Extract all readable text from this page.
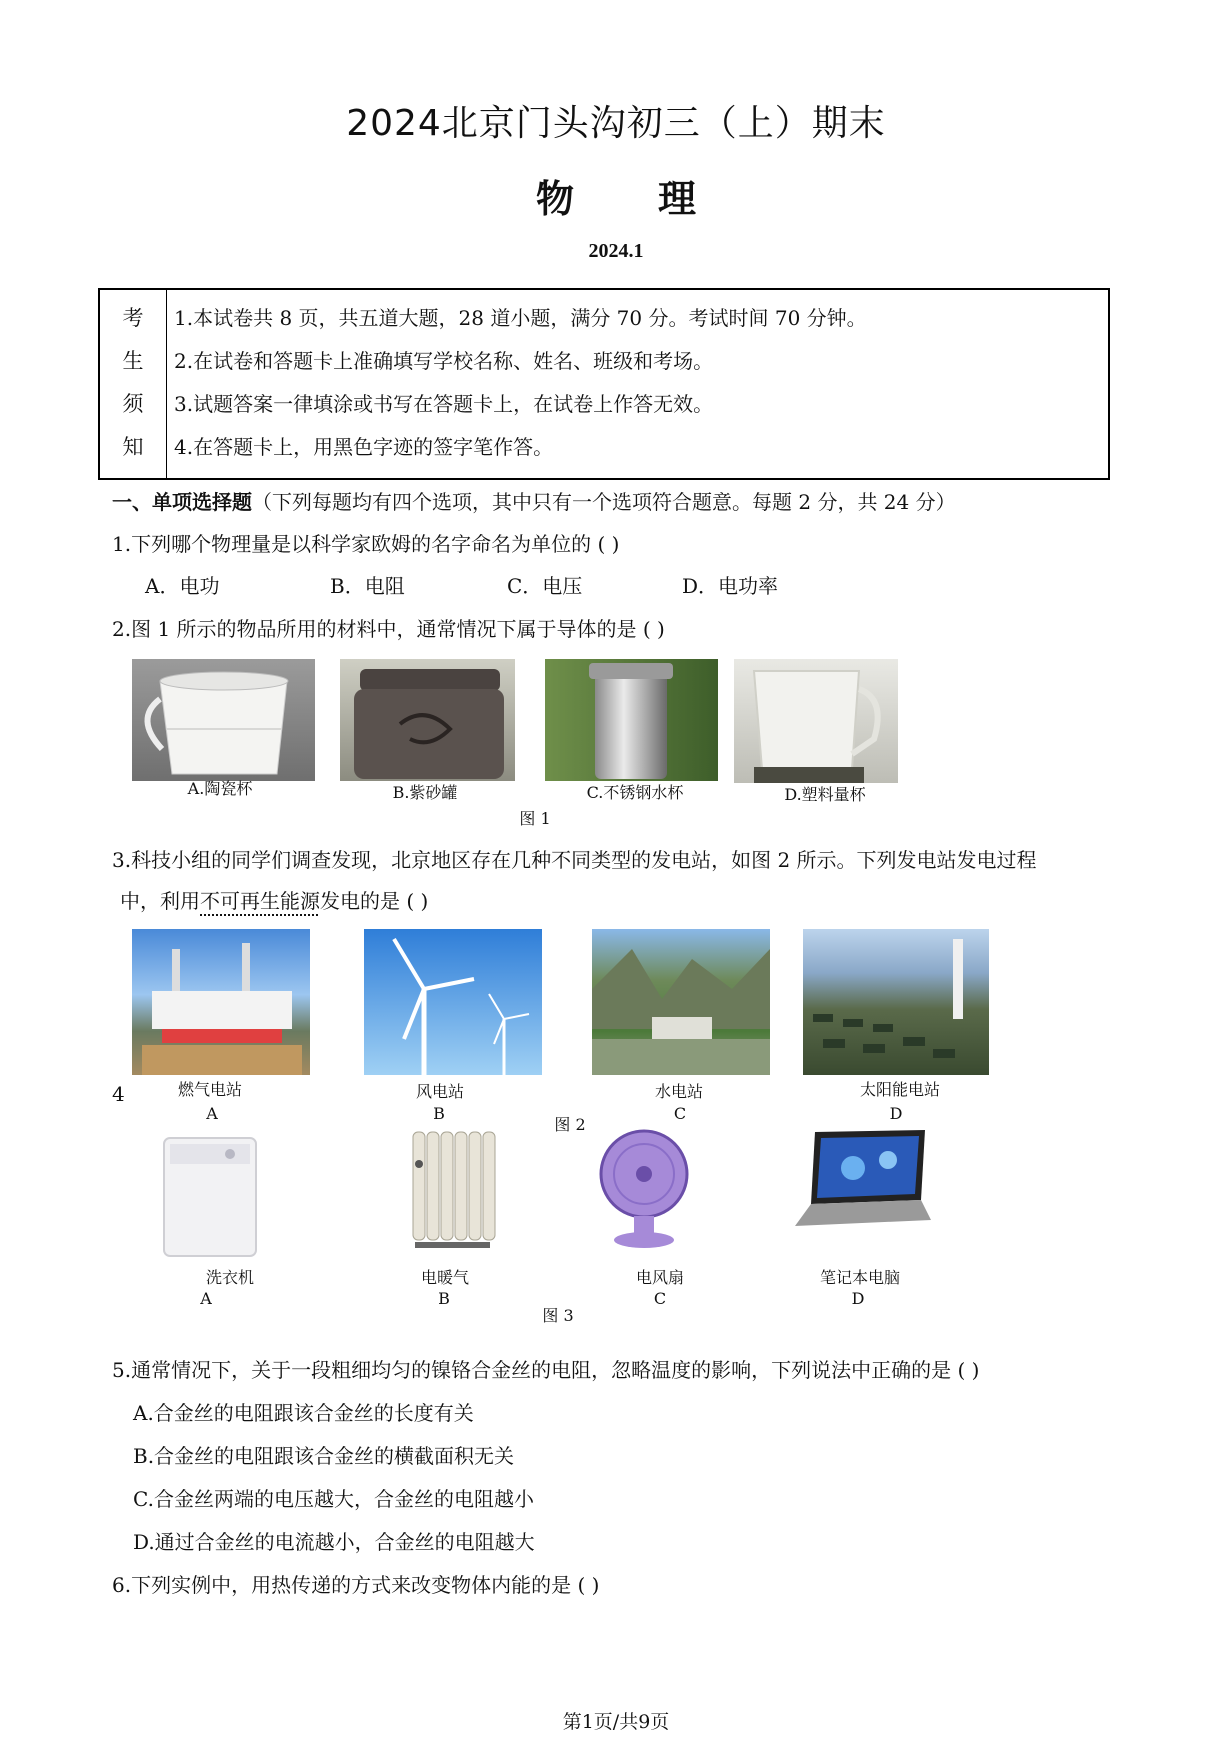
2024北京门头沟初三（上）期末
物 理
2024.1
考
生
须
知
1.本试卷共 8 页，共五道大题，28 道小题，满分 70 分。考试时间 70 分钟。
2.在试卷和答题卡上准确填写学校名称、姓名、班级和考场。
3.试题答案一律填涂或书写在答题卡上，在试卷上作答无效。
4.在答题卡上，用黑色字迹的签字笔作答。
一、单项选择题（下列每题均有四个选项，其中只有一个选项符合题意。每题 2 分，共 24 分）
1.下列哪个物理量是以科学家欧姆的名字命名为单位的 ( )
A．电功	B．电阻	C．电压	D．电功率
2.图 1 所示的物品所用的材料中，通常情况下属于导体的是 ( )
A.陶瓷杯	B.紫砂罐	C.不锈钢水杯	D.塑料量杯
图 1
3.科技小组的同学们调查发现，北京地区存在几种不同类型的发电站，如图 2 所示。下列发电站发电过程
中，利用不可再生能源发电的是 ( )
4	燃气电站	风电站	水电站	太阳能电站
A	B	C	D
图 2
洗衣机	电暖气	电风扇	笔记本电脑
A	B	C	D
图 3
5.通常情况下，关于一段粗细均匀的镍铬合金丝的电阻，忽略温度的影响，下列说法中正确的是 ( )
A.合金丝的电阻跟该合金丝的长度有关
B.合金丝的电阻跟该合金丝的横截面积无关
C.合金丝两端的电压越大，合金丝的电阻越小
D.通过合金丝的电流越小，合金丝的电阻越大
6.下列实例中，用热传递的方式来改变物体内能的是 ( )
第1页/共9页
